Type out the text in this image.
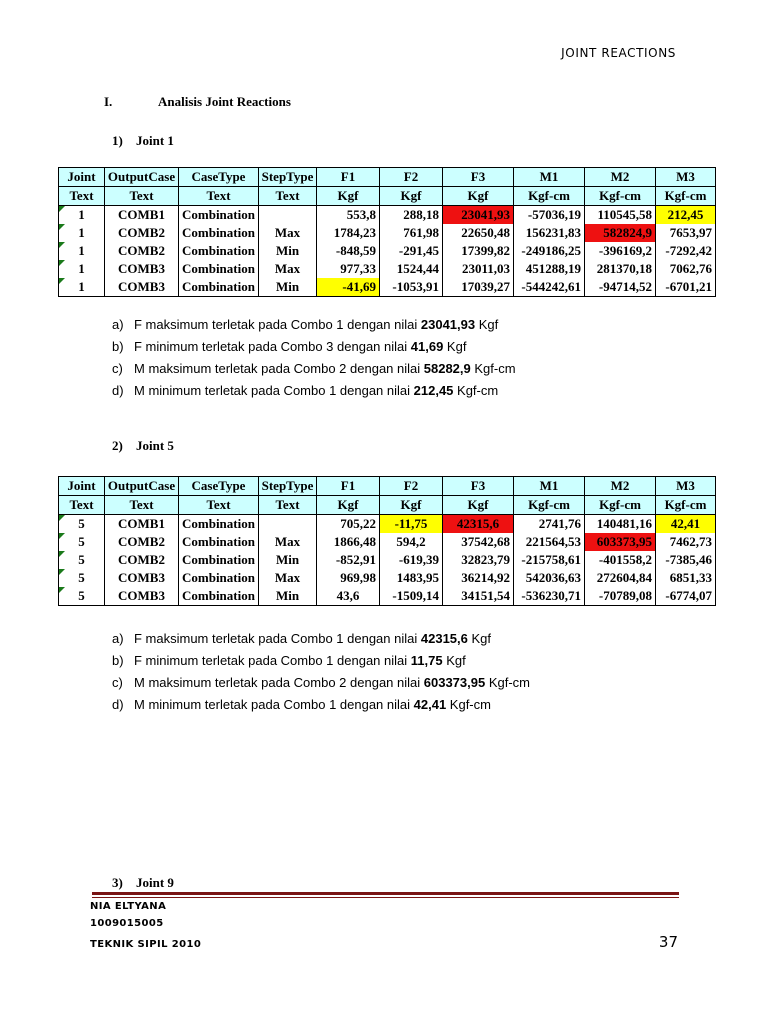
JOINT REACTIONS
I.	Analisis Joint Reactions
1) Joint 1
Joint	OutputCase	CaseType	StepType	F1	F2	F3	M1	M2	M3
Text	Text	Text	Text	Kgf	Kgf	Kgf	Kgf-cm	Kgf-cm	Kgf-cm

1	COMB1	Combination		553,8	288,18	23041,93	-57036,19	110545,58	212,45

1	COMB2	Combination	Max	1784,23	761,98	22650,48	156231,83	582824,9	7653,97

1	COMB2	Combination	Min	-848,59	-291,45	17399,82	-249186,25	-396169,2	-7292,42

1	COMB3	Combination	Max	977,33	1524,44	23011,03	451288,19	281370,18	7062,76

1	COMB3	Combination	Min	-41,69	-1053,91	17039,27	-544242,61	-94714,52	-6701,21
a) F maksimum terletak pada Combo 1 dengan nilai 23041,93 Kgf
b) F minimum terletak pada Combo 3 dengan nilai 41,69 Kgf
c) M maksimum terletak pada Combo 2 dengan nilai 58282,9 Kgf-cm
d) M minimum terletak pada Combo 1 dengan nilai 212,45 Kgf-cm
2) Joint 5
Joint	OutputCase	CaseType	StepType	F1	F2	F3	M1	M2	M3
Text	Text	Text	Text	Kgf	Kgf	Kgf	Kgf-cm	Kgf-cm	Kgf-cm

5	COMB1	Combination		705,22	-11,75	42315,6	2741,76	140481,16	42,41

5	COMB2	Combination	Max	1866,48	594,2	37542,68	221564,53	603373,95	7462,73

5	COMB2	Combination	Min	-852,91	-619,39	32823,79	-215758,61	-401558,2	-7385,46

5	COMB3	Combination	Max	969,98	1483,95	36214,92	542036,63	272604,84	6851,33

5	COMB3	Combination	Min	43,6	-1509,14	34151,54	-536230,71	-70789,08	-6774,07
a) F maksimum terletak pada Combo 1 dengan nilai 42315,6 Kgf
b) F minimum terletak pada Combo 1 dengan nilai 11,75 Kgf
c) M maksimum terletak pada Combo 2 dengan nilai 603373,95 Kgf-cm
d) M minimum terletak pada Combo 1 dengan nilai 42,41 Kgf-cm
3) Joint 9
NIA ELTYANA
1009015005
TEKNIK SIPIL 2010	37
